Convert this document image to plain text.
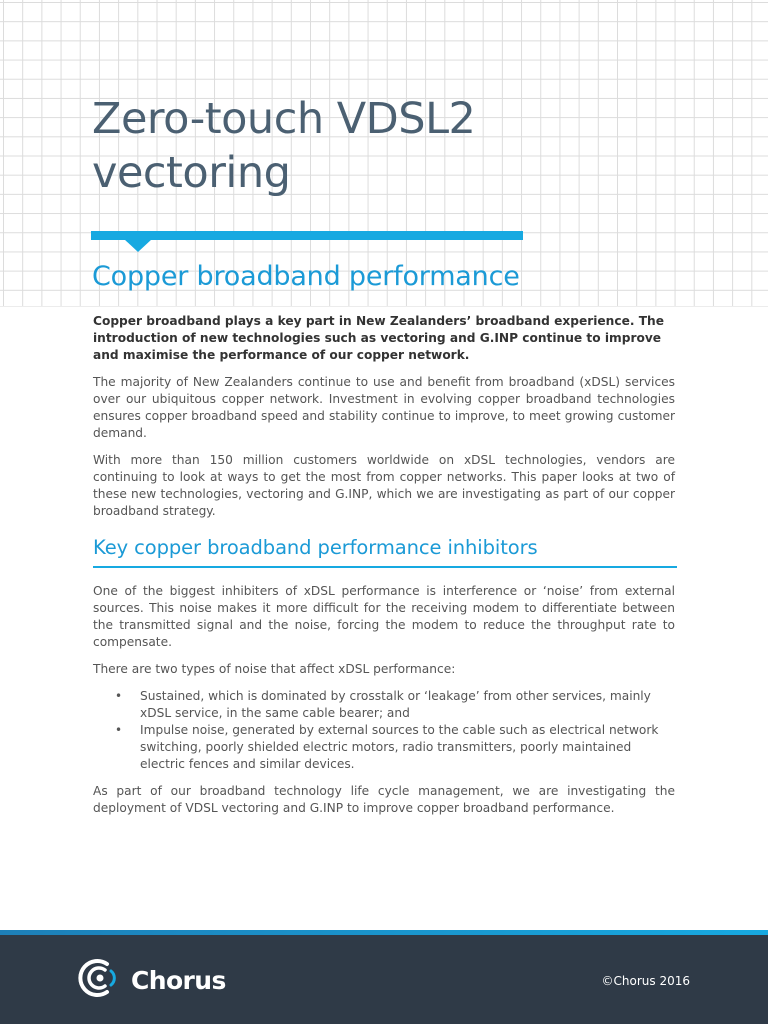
Zero-touch VDSL2
vectoring
Copper broadband performance

Copper broadband plays a key part in New Zealanders’ broadband experience. The introduction of new technologies such as vectoring and G.INP continue to improve and maximise the performance of our copper network.

The majority of New Zealanders continue to use and benefit from broadband (xDSL) services over our ubiquitous copper network. Investment in evolving copper broadband technologies ensures copper broadband speed and stability continue to improve, to meet growing customer demand.

With more than 150 million customers worldwide on xDSL technologies, vendors are continuing to look at ways to get the most from copper networks. This paper looks at two of these new technologies, vectoring and G.INP, which we are investigating as part of our copper broadband strategy.

Key copper broadband performance inhibitors

One of the biggest inhibiters of xDSL performance is interference or ‘noise’ from external sources. This noise makes it more difficult for the receiving modem to differentiate between the transmitted signal and the noise, forcing the modem to reduce the throughput rate to compensate.

There are two types of noise that affect xDSL performance:

• Sustained, which is dominated by crosstalk or ‘leakage’ from other services, mainly xDSL service, in the same cable bearer; and
• Impulse noise, generated by external sources to the cable such as electrical network switching, poorly shielded electric motors, radio transmitters, poorly maintained electric fences and similar devices.

As part of our broadband technology life cycle management, we are investigating the deployment of VDSL vectoring and G.INP to improve copper broadband performance.

Chorus	©Chorus 2016
